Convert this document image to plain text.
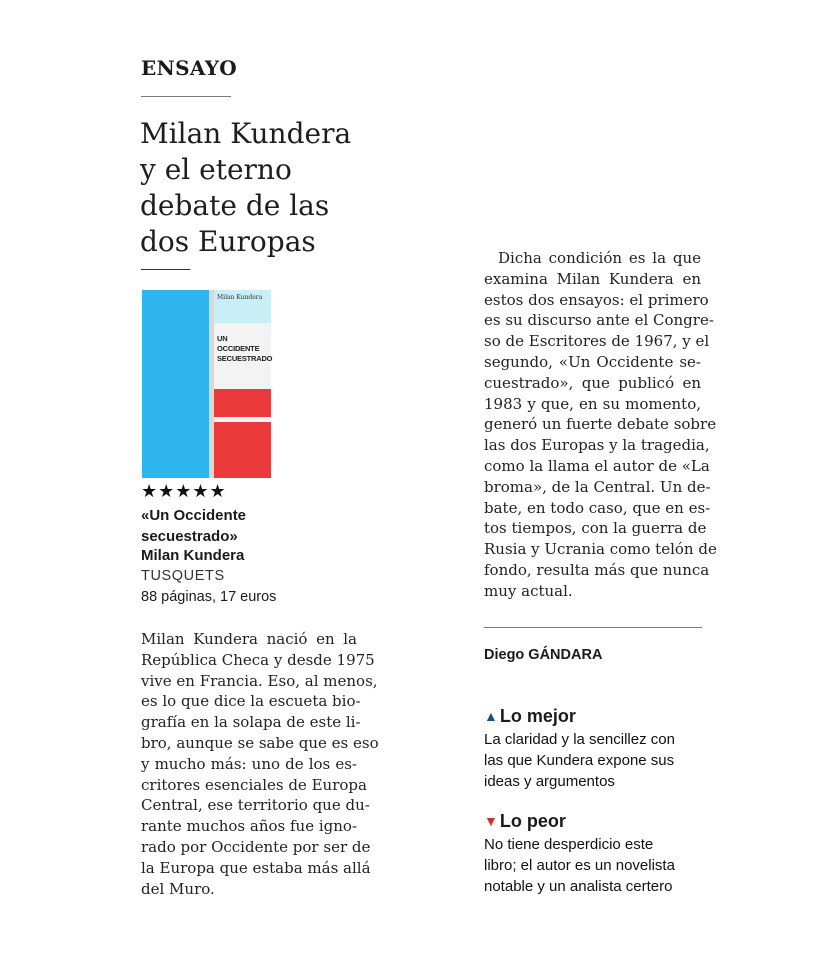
ENSAYO
Milan Kundera
y el eterno
debate de las
dos Europas
Milan Kundera
UN OCCIDENTE
SECUESTRADO
★★★★★
«Un Occidente
secuestrado»
Milan Kundera
TUSQUETS
88 páginas, 17 euros
Milan Kundera nació en la
República Checa y desde 1975
vive en Francia. Eso, al menos,
es lo que dice la escueta bio-
grafía en la solapa de este li-
bro, aunque se sabe que es eso
y mucho más: uno de los es-
critores esenciales de Europa
Central, ese territorio que du-
rante muchos años fue igno-
rado por Occidente por ser de
la Europa que estaba más allá
del Muro.
Dicha condición es la que
examina Milan Kundera en
estos dos ensayos: el primero
es su discurso ante el Congre-
so de Escritores de 1967, y el
segundo, «Un Occidente se-
cuestrado», que publicó en
1983 y que, en su momento,
generó un fuerte debate sobre
las dos Europas y la tragedia,
como la llama el autor de «La
broma», de la Central. Un de-
bate, en todo caso, que en es-
tos tiempos, con la guerra de
Rusia y Ucrania como telón de
fondo, resulta más que nunca
muy actual.
Diego GÁNDARA
▲ Lo mejor
La claridad y la sencillez con
las que Kundera expone sus
ideas y argumentos
▼ Lo peor
No tiene desperdicio este
libro; el autor es un novelista
notable y un analista certero
